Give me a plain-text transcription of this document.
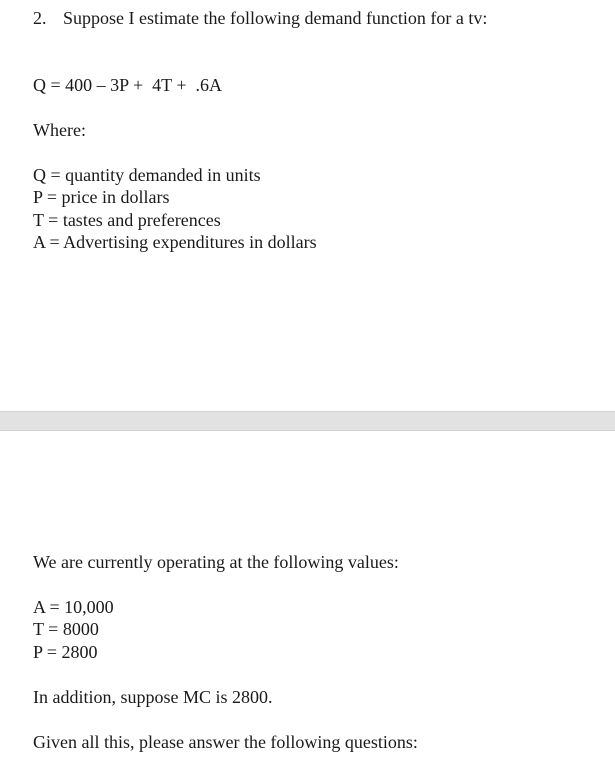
2. Suppose I estimate the following demand function for a tv:
Q = 400 – 3P +  4T +  .6A
Where:
Q = quantity demanded in units
P = price in dollars
T = tastes and preferences
A = Advertising expenditures in dollars
We are currently operating at the following values:
A = 10,000
T = 8000
P = 2800
In addition, suppose MC is 2800.
Given all this, please answer the following questions:
